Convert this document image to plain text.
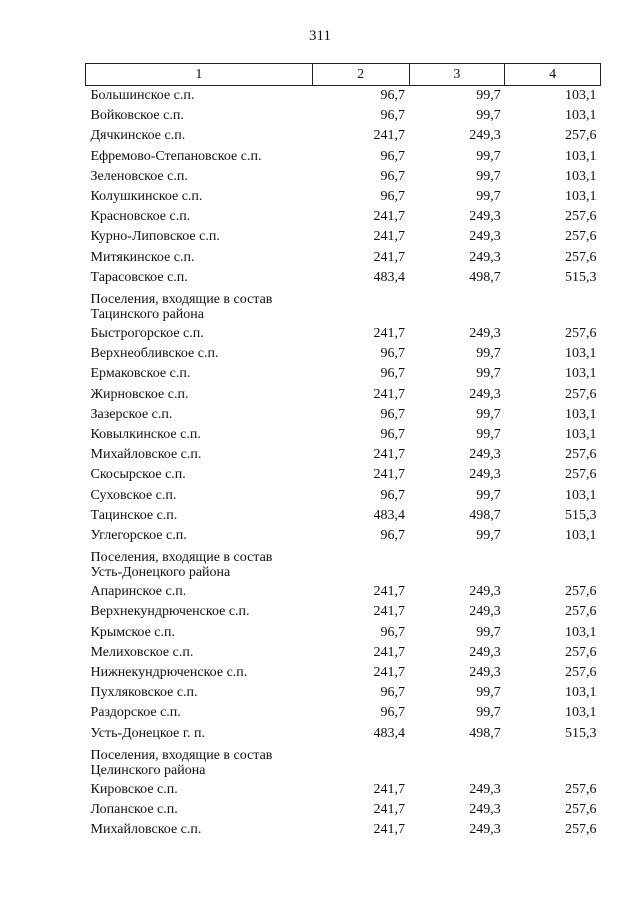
311
1	2	3	4
Большинское с.п.	96,7	99,7	103,1
Войковское с.п.	96,7	99,7	103,1
Дячкинское с.п.	241,7	249,3	257,6
Ефремово-Степановское с.п.	96,7	99,7	103,1
Зеленовское с.п.	96,7	99,7	103,1
Колушкинское с.п.	96,7	99,7	103,1
Красновское с.п.	241,7	249,3	257,6
Курно-Липовское с.п.	241,7	249,3	257,6
Митякинское с.п.	241,7	249,3	257,6
Тарасовское с.п.	483,4	498,7	515,3

Поселения, входящие в состав
Тацинского района			

Быстрогорское с.п.	241,7	249,3	257,6
Верхнеобливское с.п.	96,7	99,7	103,1
Ермаковское с.п.	96,7	99,7	103,1
Жирновское с.п.	241,7	249,3	257,6
Зазерское с.п.	96,7	99,7	103,1
Ковылкинское с.п.	96,7	99,7	103,1
Михайловское с.п.	241,7	249,3	257,6
Скосырское с.п.	241,7	249,3	257,6
Суховское с.п.	96,7	99,7	103,1
Тацинское с.п.	483,4	498,7	515,3
Углегорское с.п.	96,7	99,7	103,1

Поселения, входящие в состав
Усть-Донецкого района			

Апаринское с.п.	241,7	249,3	257,6
Верхнекундрюченское с.п.	241,7	249,3	257,6
Крымское с.п.	96,7	99,7	103,1
Мелиховское с.п.	241,7	249,3	257,6
Нижнекундрюченское с.п.	241,7	249,3	257,6
Пухляковское с.п.	96,7	99,7	103,1
Раздорское с.п.	96,7	99,7	103,1
Усть-Донецкое г. п.	483,4	498,7	515,3

Поселения, входящие в состав
Целинского района			

Кировское с.п.	241,7	249,3	257,6
Лопанское с.п.	241,7	249,3	257,6
Михайловское с.п.	241,7	249,3	257,6
